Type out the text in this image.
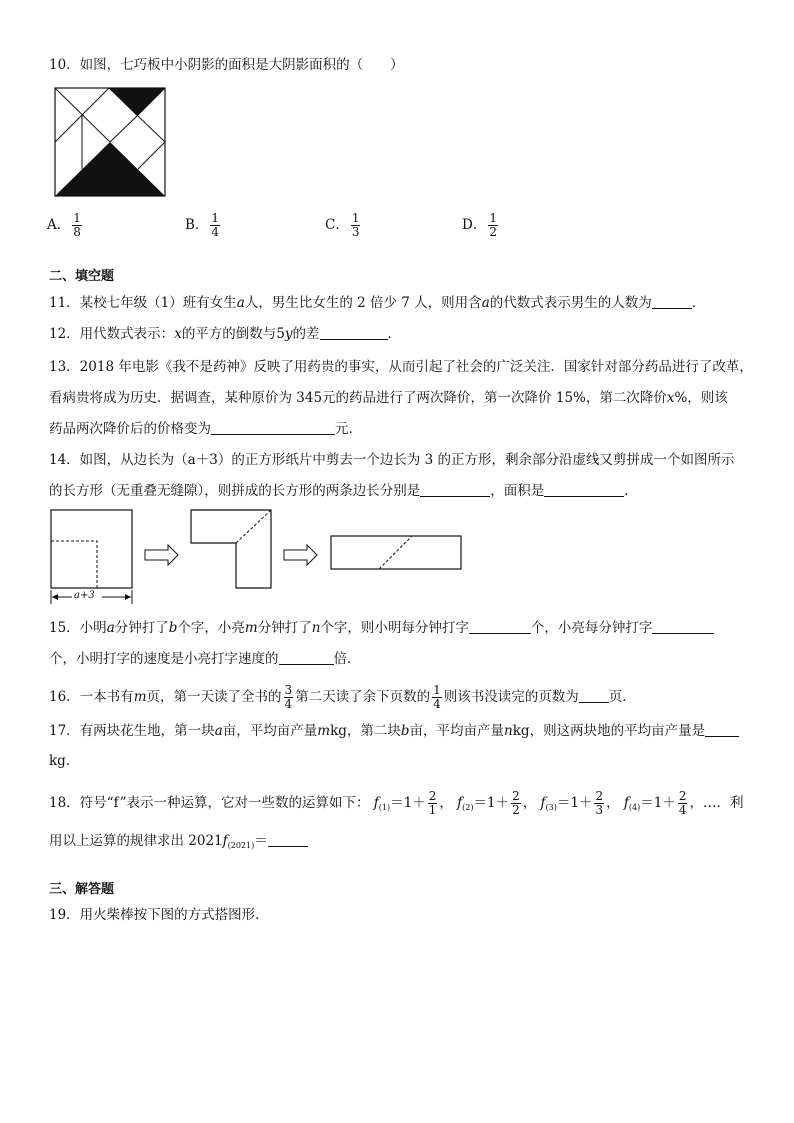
10．如图，七巧板中小阴影的面积是大阴影面积的（　　）
A． $\frac{1}{8}$	B． $\frac{1}{4}$	C． $\frac{1}{3}$	D． $\frac{1}{2}$
二、填空题
11．某校七年级（1）班有女生a人，男生比女生的 2 倍少 7 人，则用含a的代数式表示男生的人数为	．
12．用代数式表示：x的平方的倒数与5y的差	．
13．2018 年电影《我不是药神》反映了用药贵的事实，从而引起了社会的广泛关注．国家针对部分药品进行了改革，
看病贵将成为历史．据调查，某种原价为 345元的药品进行了两次降价，第一次降价 15%，第二次降价x%，则该
药品两次降价后的价格变为	元．
14．如图，从边长为（a＋3）的正方形纸片中剪去一个边长为 3 的正方形，剩余部分沿虚线又剪拼成一个如图所示
的长方形（无重叠无缝隙），则拼成的长方形的两条边长分别是	，面积是	．
a+3
15．小明a分钟打了b个字，小亮m分钟打了n个字，则小明每分钟打字	个，小亮每分钟打字
个，小明打字的速度是小亮打字速度的	倍．
16．一本书有m页，第一天读了全书的 $\frac{3}{4}$ 第二天读了余下页数的 $\frac{1}{4}$ 则该书没读完的页数为 页．
17．有两块花生地，第一块a亩，平均亩产量mkg，第二块b亩，平均亩产量nkg，则这两块地的平均亩产量是
kg．
18．符号“f”表示一种运算，它对一些数的运算如下： $f_{(1)}=1+ \frac{2}{1}$ ， $f_{(2)}=1+ \frac{2}{2}$ ， $f_{(3)}=1+ \frac{2}{3}$ ， $f_{(4)}=1+ \frac{2}{4}$ ，…．利
用以上运算的规律求出 $2021f_{(2021)}=$
三、解答题
19．用火柴棒按下图的方式搭图形．
